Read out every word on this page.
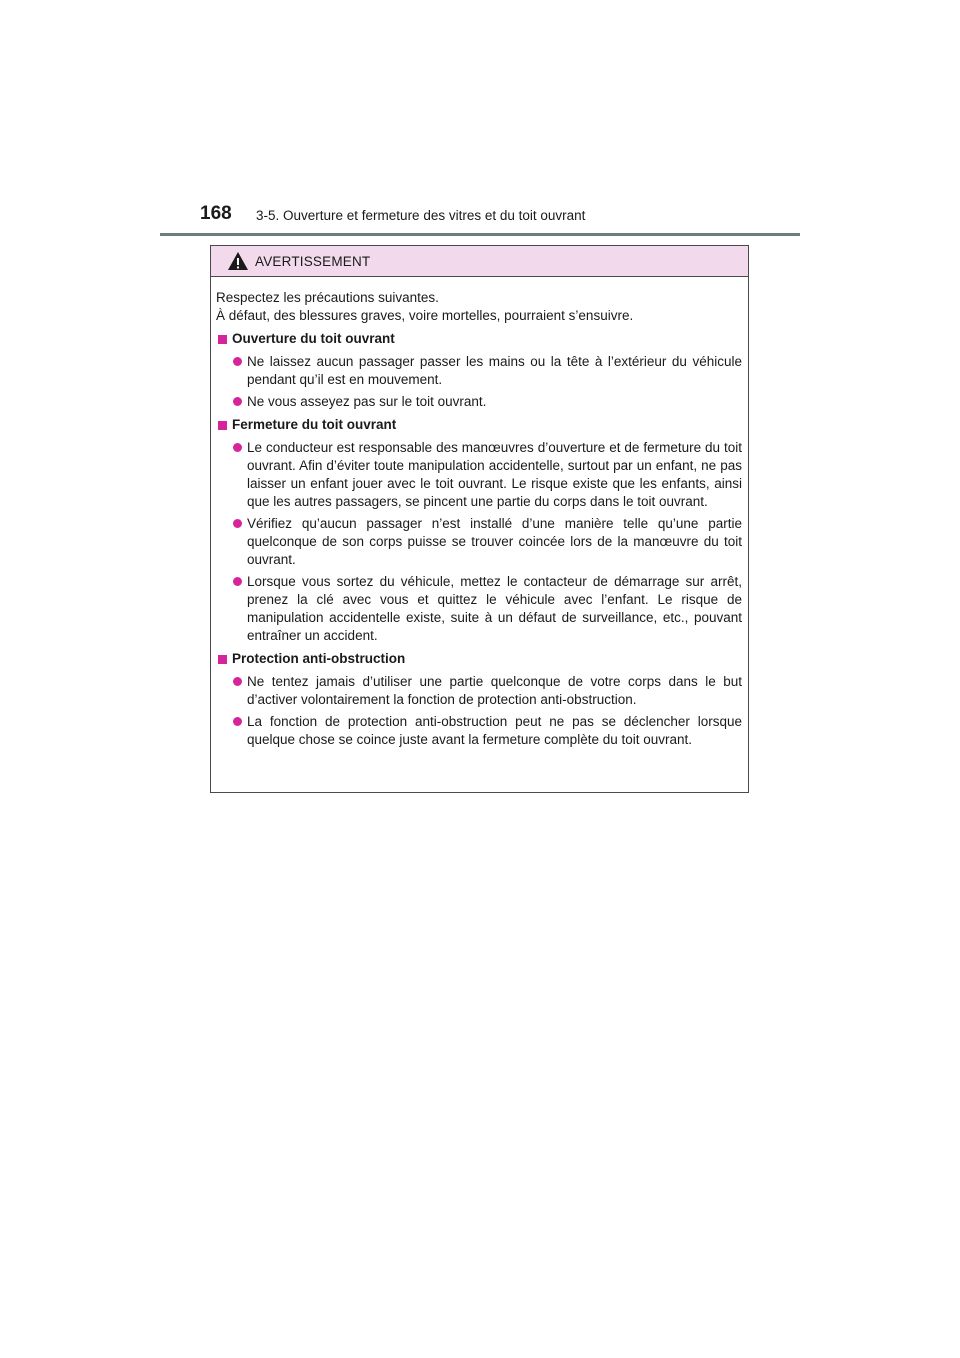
168 3-5. Ouverture et fermeture des vitres et du toit ouvrant
AVERTISSEMENT

Respectez les précautions suivantes.

À défaut, des blessures graves, voire mortelles, pourraient s’ensuivre.

Ouverture du toit ouvrant
Ne laissez aucun passager passer les mains ou la tête à l’extérieur du véhicule pendant qu’il est en mouvement.
Ne vous asseyez pas sur le toit ouvrant.
Fermeture du toit ouvrant
Le conducteur est responsable des manœuvres d’ouverture et de fermeture du toit ouvrant. Afin d’éviter toute manipulation accidentelle, surtout par un enfant, ne pas laisser un enfant jouer avec le toit ouvrant. Le risque existe que les enfants, ainsi que les autres passagers, se pincent une partie du corps dans le toit ouvrant.
Vérifiez qu’aucun passager n’est installé d’une manière telle qu’une partie quelconque de son corps puisse se trouver coincée lors de la manœuvre du toit ouvrant.
Lorsque vous sortez du véhicule, mettez le contacteur de démarrage sur arrêt, prenez la clé avec vous et quittez le véhicule avec l’enfant. Le risque de manipulation accidentelle existe, suite à un défaut de surveillance, etc., pouvant entraîner un accident.
Protection anti-obstruction
Ne tentez jamais d’utiliser une partie quelconque de votre corps dans le but d’activer volontairement la fonction de protection anti-obstruction.
La fonction de protection anti-obstruction peut ne pas se déclencher lorsque quelque chose se coince juste avant la fermeture complète du toit ouvrant.
